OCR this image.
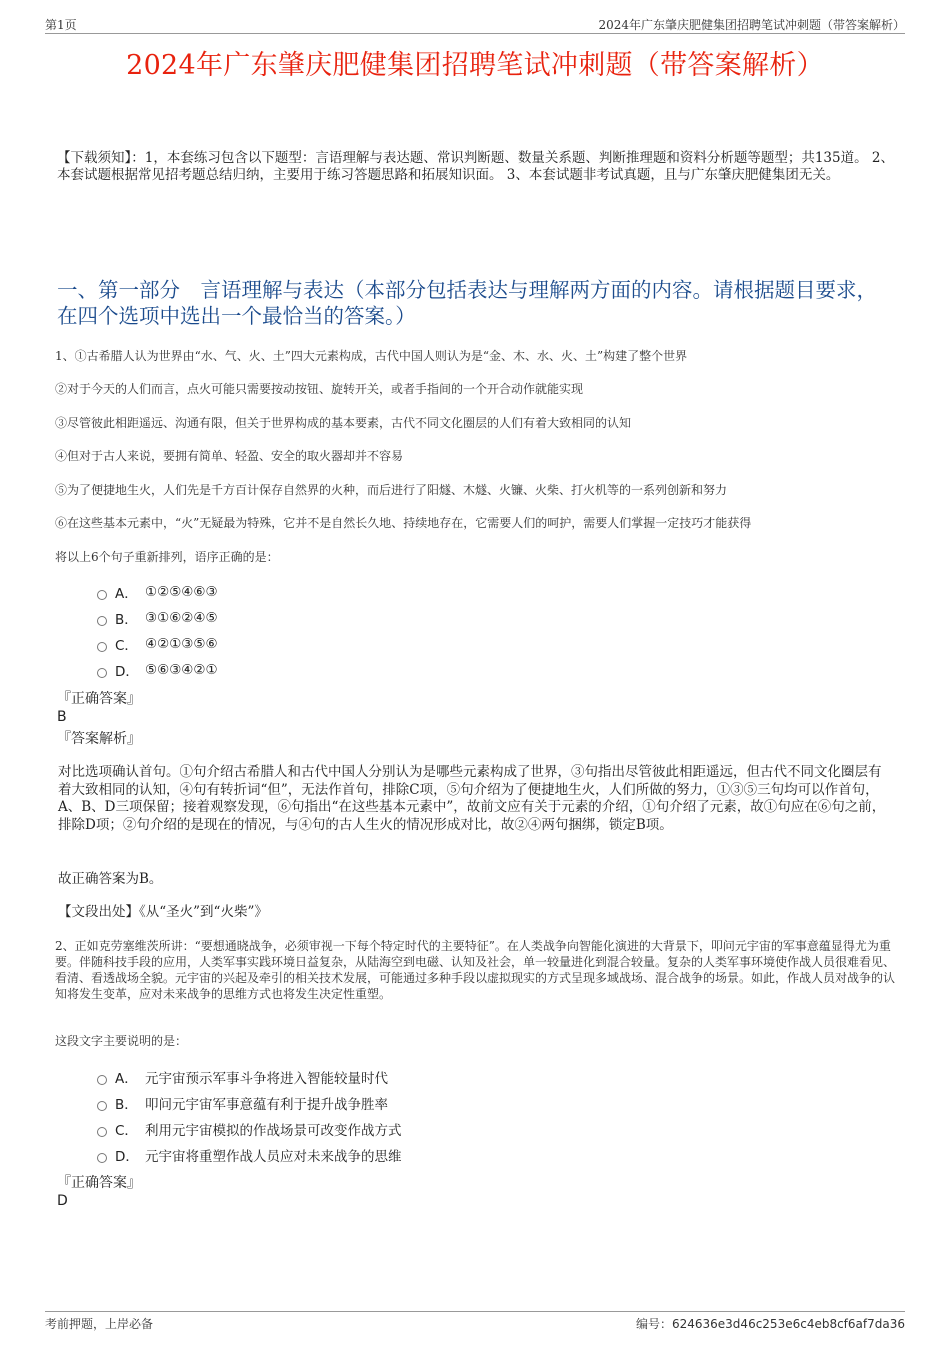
第1页	2024年广东肇庆肥健集团招聘笔试冲刺题（带答案解析）
2024年广东肇庆肥健集团招聘笔试冲刺题（带答案解析）
【下载须知】：1，本套练习包含以下题型：言语理解与表达题、常识判断题、数量关系题、判断推理题和资料分析题等题型；共135道。 2、本套试题根据常见招考题总结归纳，主要用于练习答题思路和拓展知识面。 3、本套试题非考试真题，且与广东肇庆肥健集团无关。
一、第一部分　言语理解与表达（本部分包括表达与理解两方面的内容。请根据题目要求，在四个选项中选出一个最恰当的答案。）
1、①古希腊人认为世界由“水、气、火、土”四大元素构成，古代中国人则认为是“金、木、水、火、土”构建了整个世界
②对于今天的人们而言，点火可能只需要按动按钮、旋转开关，或者手指间的一个开合动作就能实现
③尽管彼此相距遥远、沟通有限，但关于世界构成的基本要素，古代不同文化圈层的人们有着大致相同的认知
④但对于古人来说，要拥有简单、轻盈、安全的取火器却并不容易
⑤为了便捷地生火，人们先是千方百计保存自然界的火种，而后进行了阳燧、木燧、火镰、火柴、打火机等的一系列创新和努力
⑥在这些基本元素中，“火”无疑最为特殊，它并不是自然长久地、持续地存在，它需要人们的呵护，需要人们掌握一定技巧才能获得
将以上6个句子重新排列，语序正确的是：
A． ①②⑤④⑥③
B． ③①⑥②④⑤
C． ④②①③⑤⑥
D． ⑤⑥③④②①
『正确答案』
B
『答案解析』
对比选项确认首句。①句介绍古希腊人和古代中国人分别认为是哪些元素构成了世界，③句指出尽管彼此相距遥远，但古代不同文化圈层有着大致相同的认知，④句有转折词“但”，无法作首句，排除C项，⑤句介绍为了便捷地生火，人们所做的努力，①③⑤三句均可以作首句，A、B、D三项保留；接着观察发现，⑥句指出“在这些基本元素中”，故前文应有关于元素的介绍，①句介绍了元素，故①句应在⑥句之前，排除D项；②句介绍的是现在的情况，与④句的古人生火的情况形成对比，故②④两句捆绑，锁定B项。
故正确答案为B。
【文段出处】《从“圣火”到“火柴”》
2、正如克劳塞维茨所讲：“要想通晓战争，必须审视一下每个特定时代的主要特征”。在人类战争向智能化演进的大背景下，叩问元宇宙的军事意蕴显得尤为重要。伴随科技手段的应用，人类军事实践环境日益复杂，从陆海空到电磁、认知及社会，单一较量进化到混合较量。复杂的人类军事环境使作战人员很难看见、看清、看透战场全貌。元宇宙的兴起及牵引的相关技术发展，可能通过多种手段以虚拟现实的方式呈现多域战场、混合战争的场景。如此，作战人员对战争的认知将发生变革，应对未来战争的思维方式也将发生决定性重塑。
这段文字主要说明的是：
A． 元宇宙预示军事斗争将进入智能较量时代
B． 叩问元宇宙军事意蕴有利于提升战争胜率
C． 利用元宇宙模拟的作战场景可改变作战方式
D． 元宇宙将重塑作战人员应对未来战争的思维
『正确答案』
D
考前押题，上岸必备	编号：624636e3d46c253e6c4eb8cf6af7da36
